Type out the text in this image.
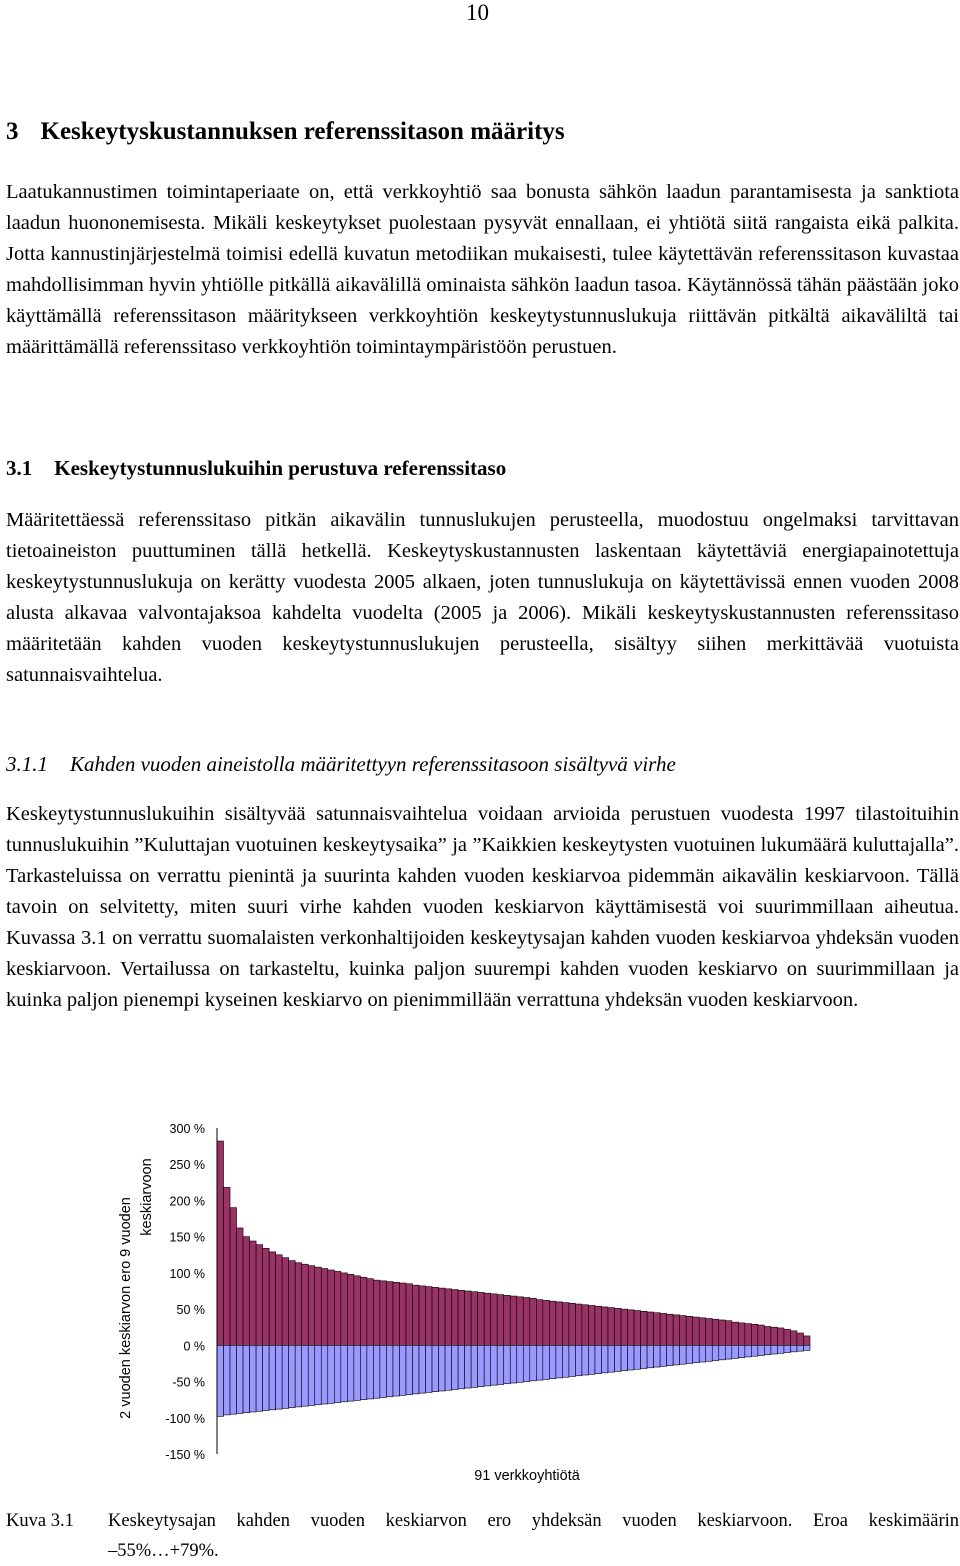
10
3 Keskeytyskustannuksen referenssitason määritys

Laatukannustimen toimintaperiaate on, että verkkoyhtiö saa bonusta sähkön laadun parantamisesta ja sanktiota laadun huononemisesta. Mikäli keskeytykset puolestaan pysyvät ennallaan, ei yhtiötä siitä rangaista eikä palkita. Jotta kannustinjärjestelmä toimisi edellä kuvatun metodiikan mukaisesti, tulee käytettävän referenssitason kuvastaa mahdollisimman hyvin yhtiölle pitkällä aikavälillä ominaista sähkön laadun tasoa. Käytännössä tähän päästään joko käyttämällä referenssitason määritykseen verkkoyhtiön keskeytystunnuslukuja riittävän pitkältä aikaväliltä tai määrittämällä referenssitaso verkkoyhtiön toimintaympäristöön perustuen.

3.1 Keskeytystunnuslukuihin perustuva referenssitaso

Määritettäessä referenssitaso pitkän aikavälin tunnuslukujen perusteella, muodostuu ongelmaksi tarvittavan tietoaineiston puuttuminen tällä hetkellä. Keskeytyskustannusten laskentaan käytettäviä energiapainotettuja keskeytystunnuslukuja on kerätty vuodesta 2005 alkaen, joten tunnuslukuja on käytettävissä ennen vuoden 2008 alusta alkavaa valvontajaksoa kahdelta vuodelta (2005 ja 2006). Mikäli keskeytyskustannusten referenssitaso määritetään kahden vuoden keskeytystunnuslukujen perusteella, sisältyy siihen merkittävää vuotuista satunnaisvaihtelua.

3.1.1 Kahden vuoden aineistolla määritettyyn referenssitasoon sisältyvä virhe

Keskeytystunnuslukuihin sisältyvää satunnaisvaihtelua voidaan arvioida perustuen vuodesta 1997 tilastoituihin tunnuslukuihin ”Kuluttajan vuotuinen keskeytysaika” ja ”Kaikkien keskeytysten vuotuinen lukumäärä kuluttajalla”. Tarkasteluissa on verrattu pienintä ja suurinta kahden vuoden keskiarvoa pidemmän aikavälin keskiarvoon. Tällä tavoin on selvitetty, miten suuri virhe kahden vuoden keskiarvon käyttämisestä voi suurimmillaan aiheutua. Kuvassa 3.1 on verrattu suomalaisten verkonhaltijoiden keskeytysajan kahden vuoden keskiarvoa yhdeksän vuoden keskiarvoon. Vertailussa on tarkasteltu, kuinka paljon suurempi kahden vuoden keskiarvo on suurimmillaan ja kuinka paljon pienempi kyseinen keskiarvo on pienimmillään verrattuna yhdeksän vuoden keskiarvoon.

300 %
250 %
200 %
150 %
100 %
50 %
0 %
-50 %
-100 %
-150 %
2 vuoden keskiarvon ero 9 vuoden
keskiarvoon
91 verkkoyhtiötä
Kuva 3.1 Keskeytysajan kahden vuoden keskiarvon ero yhdeksän vuoden keskiarvoon. Eroa keskimäärin
–55%…+79%.
